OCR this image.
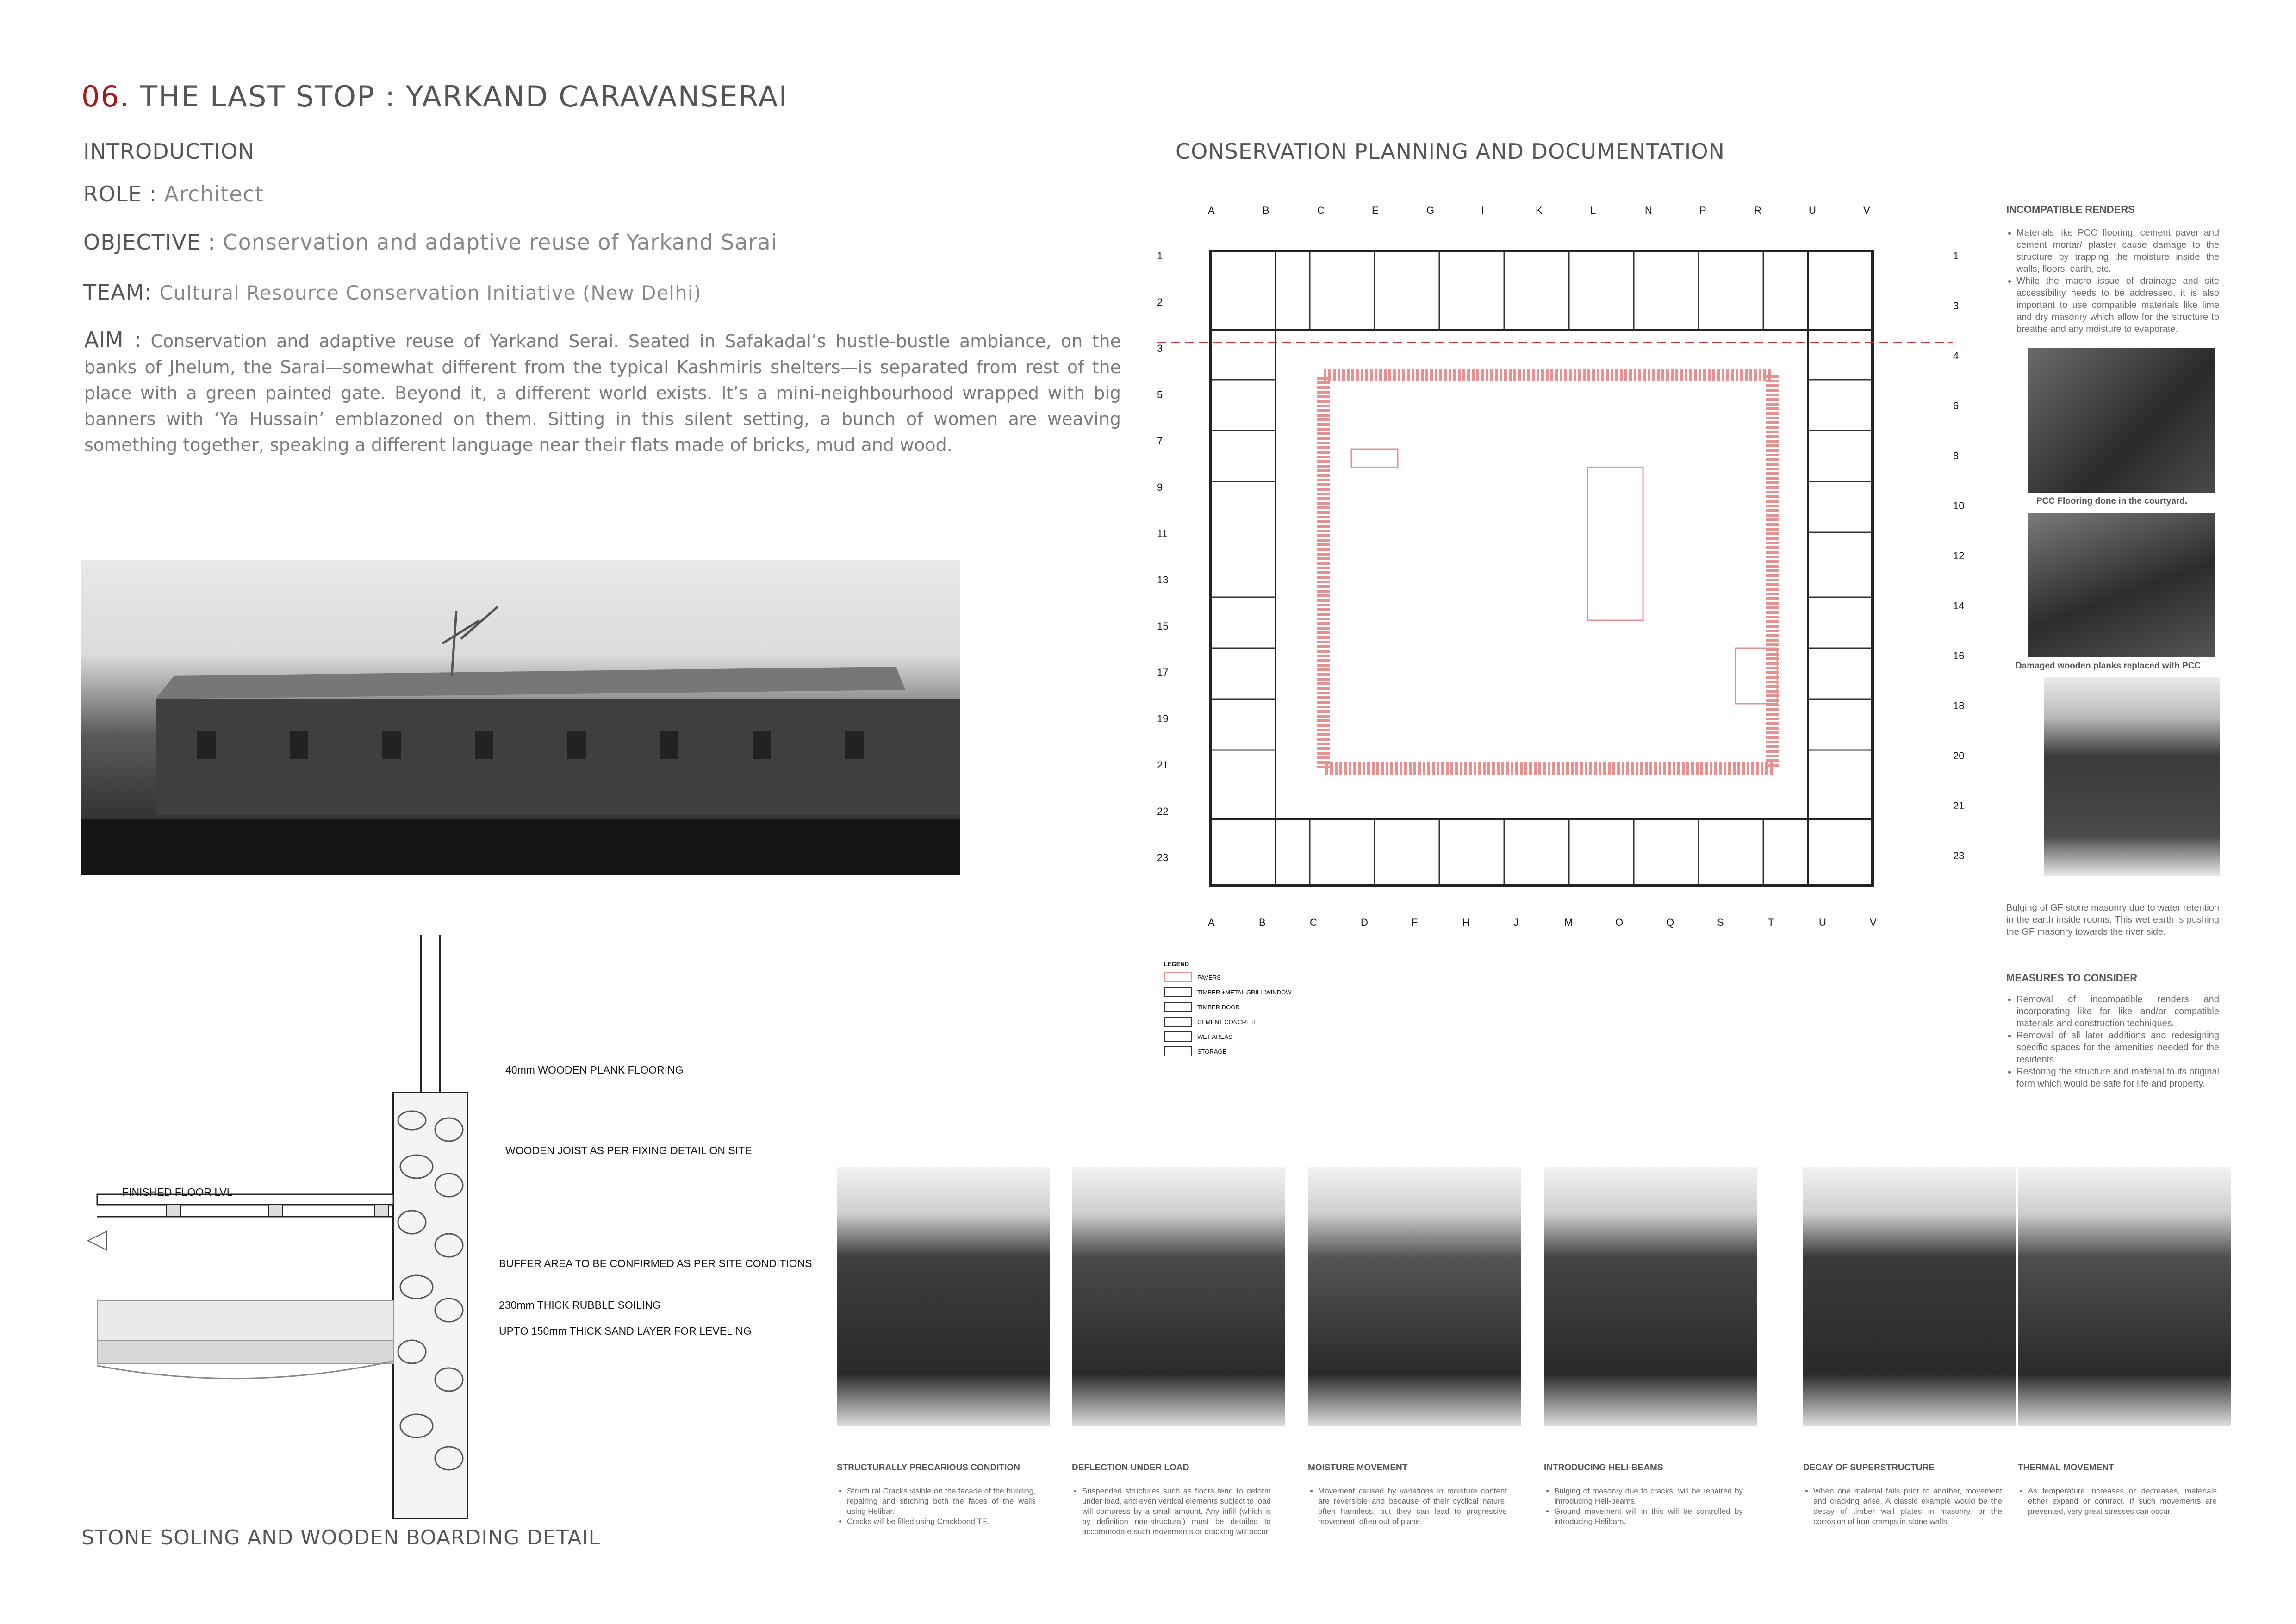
06. THE LAST STOP : YARKAND CARAVANSERAI
INTRODUCTION
ROLE : Architect
OBJECTIVE : Conservation and adaptive reuse of Yarkand Sarai
TEAM: Cultural Resource Conservation Initiative (New Delhi)
AIM : Conservation and adaptive reuse of Yarkand Serai. Seated in Safakadal’s hustle-bustle ambiance, on the banks of Jhelum, the Sarai—somewhat different from the typical Kashmiris shelters—is separated from rest of the place with a green painted gate. Beyond it, a different world exists. It’s a mini-neighbourhood wrapped with big banners with ‘Ya Hussain’ emblazoned on them. Sitting in this silent setting, a bunch of women are weaving something together, speaking a different language near their flats made of bricks, mud and wood.
CONSERVATION PLANNING AND DOCUMENTATION
A	B	C	E	G	I	K	L	N	P	R	U	V
A	B	C	D	F	H	J	M	O	Q	S	T	U	V
1
2
3
5
7
9
11
13
15
17
19
21
22
23
1
3
4
6
8
10
12
14
16
18
20
21
23
LEGEND
PAVERS
TIMBER +METAL GRILL WINDOW
TIMBER DOOR
CEMENT CONCRETE
WET AREAS
STORAGE
INCOMPATIBLE RENDERS
• Materials like PCC flooring, cement paver and cement mortar/ plaster cause damage to the structure by trapping the moisture inside the walls, floors, earth, etc.
• While the macro issue of drainage and site accessibility needs to be addressed, it is also important to use compatible materials like lime and dry masonry which allow for the structure to breathe and any moisture to evaporate.
PCC Flooring done in the courtyard.
Damaged wooden planks replaced with PCC
Bulging of GF stone masonry due to water retention in the earth inside rooms. This wet earth is pushing the GF masonry towards the river side.
MEASURES TO CONSIDER
• Removal of incompatible renders and incorporating like for like and/or compatible materials and construction techniques.
• Removal of all later additions and redesigning specific spaces for the amenities needed for the residents.
• Restoring the structure and material to its original form which would be safe for life and property.
40mm WOODEN PLANK FLOORING
WOODEN JOIST AS PER FIXING DETAIL ON SITE
FINISHED FLOOR LVL
BUFFER AREA TO BE CONFIRMED AS PER SITE CONDITIONS
230mm THICK RUBBLE SOILING
UPTO 150mm THICK SAND LAYER FOR LEVELING
STONE SOLING AND WOODEN BOARDING DETAIL
STRUCTURALLY PRECARIOUS CONDITION
• Structural Cracks visible on the facade of the building, repairing and stitching both the faces of the walls using Helibar.
• Cracks will be filled using Crackbond TE.
DEFLECTION UNDER LOAD
• Suspended structures such as floors tend to deform under load, and even vertical elements subject to load will compress by a small amount. Any infill (which is by definition non-structural) must be detailed to accommodate such movements or cracking will occur.
MOISTURE MOVEMENT
• Movement caused by variations in moisture content are reversible and because of their cyclical nature, often harmless, but they can lead to progressive movement, often out of plane.
INTRODUCING HELI-BEAMS
• Bulging of masonry due to cracks, will be repaired by introducing Heli-beams.
• Ground movement will in this will be controlled by introducing Helibars.
DECAY OF SUPERSTRUCTURE
• When one material fails prior to another, movement and cracking arise. A classic example would be the decay of timber wall plates in masonry, or the corrosion of iron cramps in stone walls.
THERMAL MOVEMENT
• As temperature increases or decreases, materials either expand or contract. If such movements are prevented, very great stresses can occur.
